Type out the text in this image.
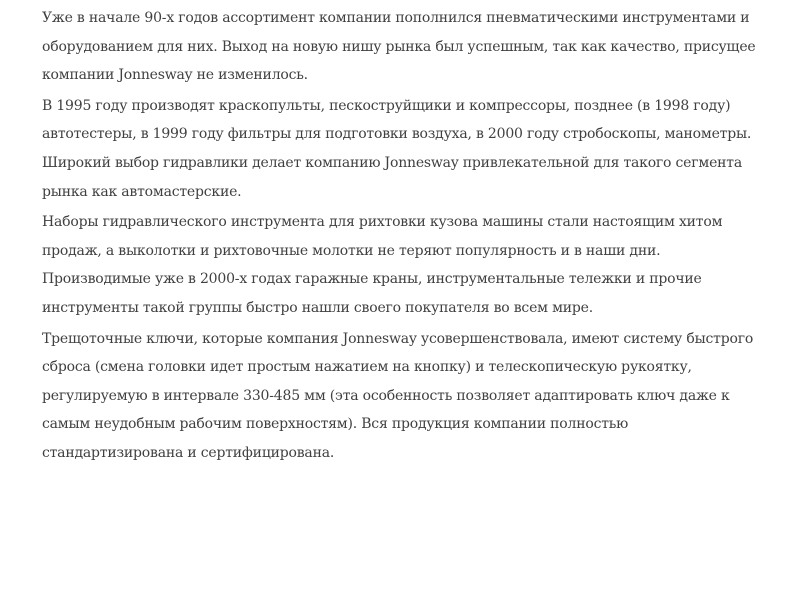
Уже в начале 90-х годов ассортимент компании пополнился пневматическими инструментами и оборудованием для них. Выход на новую нишу рынка был успешным, так как качество, присущее компании Jonnesway не изменилось.

В 1995 году производят краскопульты, пескоструйщики и компрессоры, позднее (в 1998 году) автотестеры, в 1999 году фильтры для подготовки воздуха, в 2000 году стробоскопы, манометры. Широкий выбор гидравлики делает компанию Jonnesway привлекательной для такого сегмента рынка как автомастерские.

Наборы гидравлического инструмента для рихтовки кузова машины стали настоящим хитом продаж, а выколотки и рихтовочные молотки не теряют популярность и в наши дни. Производимые уже в 2000-х годах гаражные краны, инструментальные тележки и прочие инструменты такой группы быстро нашли своего покупателя во всем мире.

Трещоточные ключи, которые компания Jonnesway усовершенствовала, имеют систему быстрого сброса (смена головки идет простым нажатием на кнопку) и телескопическую рукоятку, регулируемую в интервале 330-485 мм (эта особенность позволяет адаптировать ключ даже к самым неудобным рабочим поверхностям). Вся продукция компании полностью стандартизирована и сертифицирована.
